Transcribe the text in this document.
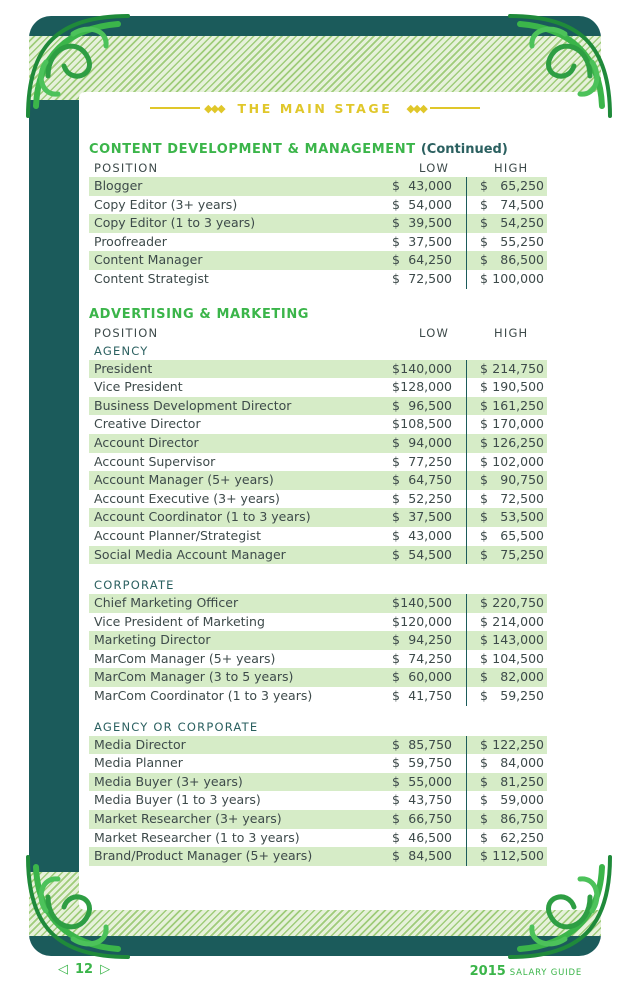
◆◆◆ THE MAIN STAGE ◆◆◆
CONTENT DEVELOPMENT & MANAGEMENT (Continued)
POSITION	LOW	HIGH
Blogger	$ 43,000 $ 65,250
Copy Editor (3+ years)	$ 54,000 $ 74,500
Copy Editor (1 to 3 years)	$ 39,500 $ 54,250
Proofreader	$ 37,500 $ 55,250
Content Manager	$ 64,250 $ 86,500
Content Strategist	$ 72,500 $ 100,000
ADVERTISING & MARKETING
POSITION	LOW	HIGH
AGENCY
President	$ 140,000 $ 214,750
Vice President	$ 128,000 $ 190,500
Business Development Director	$ 96,500 $ 161,250
Creative Director	$ 108,500 $ 170,000
Account Director	$ 94,000 $ 126,250
Account Supervisor	$ 77,250 $ 102,000
Account Manager (5+ years)	$ 64,750 $ 90,750
Account Executive (3+ years)	$ 52,250 $ 72,500
Account Coordinator (1 to 3 years)	$ 37,500 $ 53,500
Account Planner/Strategist	$ 43,000 $ 65,500
Social Media Account Manager	$ 54,500 $ 75,250
CORPORATE
Chief Marketing Officer	$ 140,500 $ 220,750
Vice President of Marketing	$ 120,000 $ 214,000
Marketing Director	$ 94,250 $ 143,000
MarCom Manager (5+ years)	$ 74,250 $ 104,500
MarCom Manager (3 to 5 years)	$ 60,000 $ 82,000
MarCom Coordinator (1 to 3 years)	$ 41,750 $ 59,250
AGENCY OR CORPORATE
Media Director	$ 85,750 $ 122,250
Media Planner	$ 59,750 $ 84,000
Media Buyer (3+ years)	$ 55,000 $ 81,250
Media Buyer (1 to 3 years)	$ 43,750 $ 59,000
Market Researcher (3+ years)	$ 66,750 $ 86,750
Market Researcher (1 to 3 years)	$ 46,500 $ 62,250
Brand/Product Manager (5+ years)	$ 84,500 $ 112,500
◁ 12 ▷	2015 SALARY GUIDE
